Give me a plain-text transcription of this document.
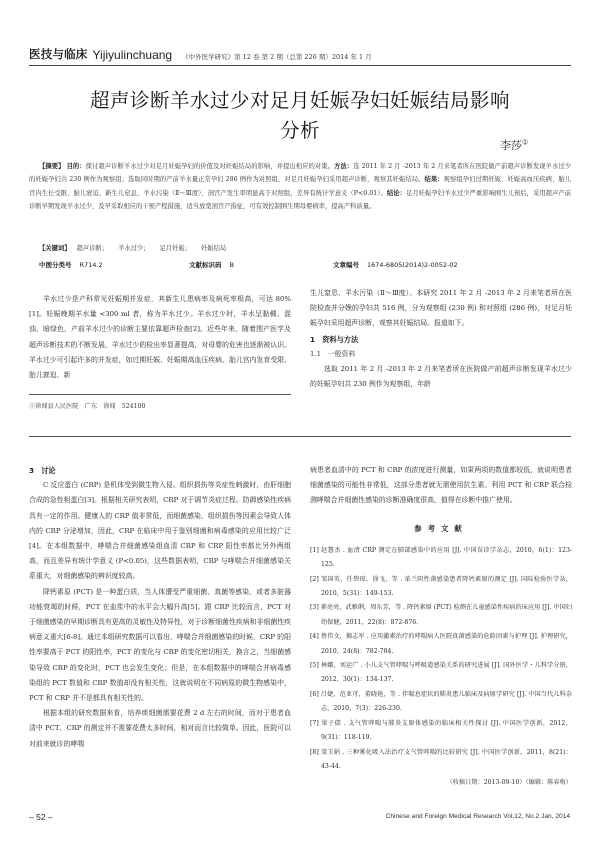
医技与临床 Yijiyulinchuang 《中外医学研究》第 12 卷 第 2 期（总第 226 期）2014 年 1 月
超声诊断羊水过少对足月妊娠孕妇妊娠结局影响
分析
李莎①
【摘要】 目的：探讨超声诊断羊水过少对足月妊娠孕妇的价值及对妊娠结局的影响，并提出相应的对策。方法：选 2011 年 2 月 -2013 年 2 月来笔者所在医院做产前超声诊断发现羊水过少的妊娠孕妇共 230 例作为观察组；选取同时期的产前羊水量正常孕妇 286 例作为对照组，对足月妊娠孕妇采用超声诊断，观察其妊娠结局。结果：观察组孕妇过期妊娠、妊娠高血压疾病、胎儿宫内生长受限、胎儿窘迫、新生儿窒息、羊水污染（Ⅱ～Ⅲ度）、剖宫产发生率明显高于对照组，差异有统计学意义（P<0.01）。结论：足月妊娠孕妇羊水过少严重影响围生儿预后，采用超声产前诊断早期发现羊水过少，及早采取相应的干预产程措施，适当放宽剖宫产指征，可有效控制围生期母婴病率，提高产科质量。
【关键词】 超声诊断； 羊水过少； 足月妊娠； 妊娠结局
中图分类号 R714.2	文献标识码 B	文章编号 1674-6805(2014)2-0052-02

羊水过少是产科常见妊娠期并发症，其新生儿患病率及病死率极高，可达 80%[1]。妊娠晚期羊水量 <300 ml 者，称为羊水过少。羊水过少时，羊水呈黏稠、混浊、暗绿色，产前羊水过少的诊断主要依靠超声检查[2]。近些年来，随着围产医学及超声诊断技术的不断发展，羊水过少的检出率显著提高，对母婴的危害也逐渐被认识。羊水过少可引起许多的并发症，如过期妊娠、妊娠期高血压疾病、胎儿宫内发育受限、胎儿窘迫、新

生儿窒息、羊水污染（Ⅱ～Ⅲ度）。本研究 2011 年 2 月 -2013 年 2 月来笔者所在医院检查并分娩的孕妇共 516 例，分为观察组 (230 例) 和对照组 (286 例)，对足月妊娠孕妇采用超声诊断，观察其妊娠结局。报道如下。

1　资料与方法
1.1　一般资料

选取 2011 年 2 月 -2013 年 2 月来笔者所在医院做产前超声诊断发现羊水过少的妊娠孕妇共 230 例作为观察组，年龄

①徐闻县人民医院　广东　徐闻　524100
3　讨论

C 反应蛋白 (CRP) 是机体受到微生物入侵、组织损伤等炎症性刺激时，由肝细胞合成的急性相蛋白[3]。根据相关研究表明，CRP 对于调节炎症过程、防御感染性疾病具有一定的作用。健康人的 CRP 值非常低，而细菌感染、组织损伤等因素会导致人体内的 CRP 分泌增加，因此，CRP 在临床中用于鉴别细菌和病毒感染的应用比较广泛[4]。在本组数据中，哮喘合并细菌感染组血清 CRP 和 CRP 阳性率都比另外两组高，而且差异有统计学意义 (P<0.05)，这些数据表明，CRP 与哮喘合并细菌感染关系重大，对细菌感染的辨识度较高。

降钙素原 (PCT) 是一种蛋白质，当人体遭受严重细菌、真菌等感染、或者多脏器功能衰竭的时候，PCT 在血浆中的水平会大幅升高[5]。跟 CRP 比较而言，PCT 对于细菌感染的早期诊断具有更高的灵敏性及特异性，对于诊断细菌性疾病和非细菌性疾病意义重大[6-8]。通过本组研究数据可以看出，哮喘合并细菌感染的时候，CRP 的阳性率要高于 PCT 的阳性率，PCT 的变化与 CRP 的变化密切相关，换言之，当细菌感染导致 CRP 的变化时，PCT 也会发生变化；但是，在本组数据中的哮喘合并病毒感染组的 PCT 数值和 CRP 数值却没有相关性，这就说明在不同病原的微生物感染中，PCT 和 CRP 并不是都具有相关性的。

根据本组的研究数据来看，培养痰细菌需要花费 2 d 左右的时间，而对于患者血清中 PCT、CRP 的测定并不需要花费太多时间，相对而言比较简单。因此，医院可以对前来就诊的哮喘

病患者血清中的 PCT 和 CRP 的浓度进行测量，如果两项的数值都较低，就说明患者细菌感染的可能性非常低，这部分患者就无需使用抗生素。利用 PCT 和 CRP 联合检测哮喘合并细菌性感染的诊断准确度很高，值得在诊断中推广使用。

参考文献
[1] 赵慧杰 . 血清 CRP 测定在肺部感染中的应用 [J]. 中国误诊学杂志，2010，6(1)：123-125.
[2] 邹国英，任碧琼，徐飞，等 . 革兰阴性菌感染患者降钙素原的测定 [J]. 国际检验医学杂，2010，5(31)：149-153.
[3] 素亮亮，武雅俐，周东芳，等 . 降钙素原 (PCT) 检测在儿童感染性疾病的床应用 [J]. 中国妇幼保健，2011，22(8)：872-876.
[4] 蔡伟文，揭志军 . 应用激素治疗的哮喘病人医院真菌感染的危险因素与护理 [J]. 护理研究，2010，24(8)：782-784.
[5] 林娜，刘运广 . 小儿支气管哮喘与呼吸道感染关系的研究进展 [J]. 国外医学・儿科学分册，2012，30(1)：134-137.
[6] 吕婕，范亚可，董晓艳，等 . 伴喘息症状的肺炎患儿临床及病原学研究 [J]. 中国当代儿科杂志，2010，7(3)：226-230.
[7] 梁子儒 . 支气管哮喘与肺炎支原体感染的临床相关性探讨 [J]. 中国医学创新，2012，9(31)：118-119.
[8] 梁玉娟 . 三种雾化吸入法治疗支气管哮喘的比较研究 [J]. 中国医学创新，2011，8(21)：43-44.
（收稿日期：2013-09-10）（编辑：陈春梅）
– 52 –	Chinese and Foreign Medical Research Vol.12, No.2 Jan, 2014
